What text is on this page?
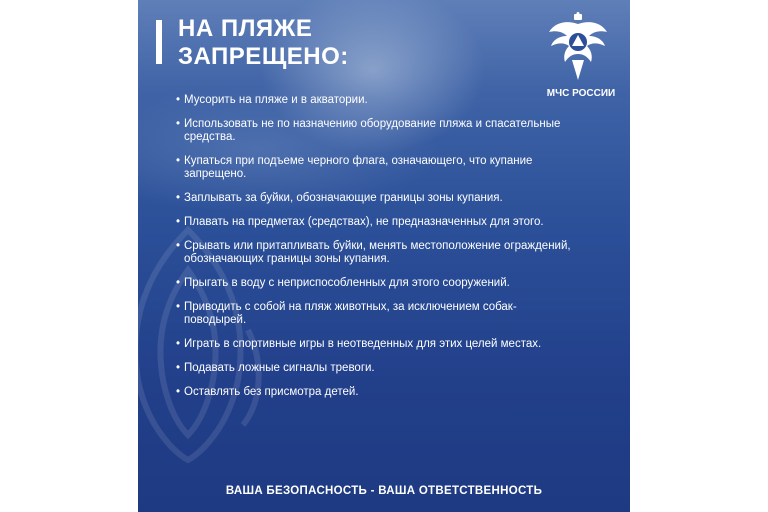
НА ПЛЯЖЕ
ЗАПРЕЩЕНО:
МЧС РОССИИ
• Мусорить на пляже и в акватории.
• Использовать не по назначению оборудование пляжа и спасательные средства.
• Купаться при подъеме черного флага, означающего, что купание запрещено.
• Заплывать за буйки, обозначающие границы зоны купания.
• Плавать на предметах (средствах), не предназначенных для этого.
• Срывать или притапливать буйки, менять местоположение ограждений, обозначающих границы зоны купания.
• Прыгать в воду с неприспособленных для этого сооружений.
• Приводить с собой на пляж животных, за исключением собак-поводырей.
• Играть в спортивные игры в неотведенных для этих целей местах.
• Подавать ложные сигналы тревоги.
• Оставлять без присмотра детей.
ВАША БЕЗОПАСНОСТЬ - ВАША ОТВЕТСТВЕННОСТЬ
